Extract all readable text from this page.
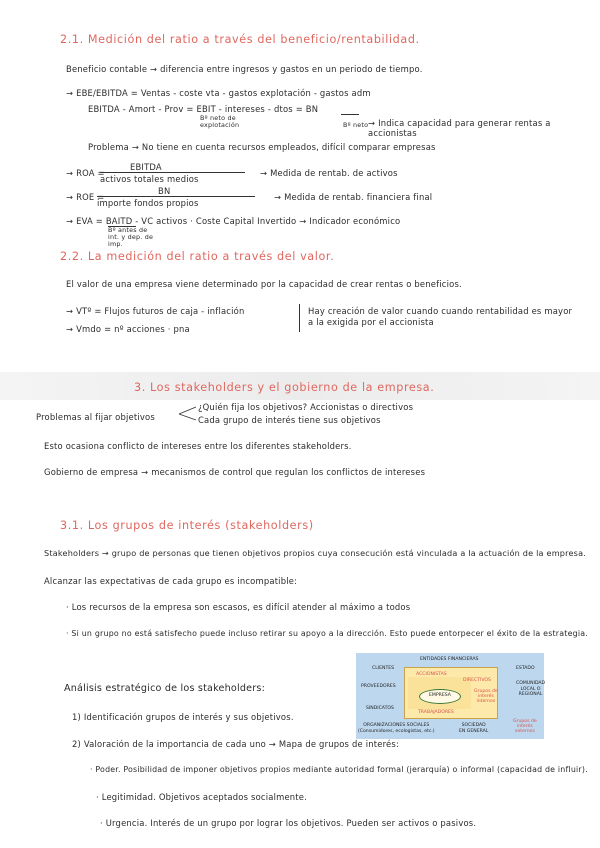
2.1. Medición del ratio a través del beneficio/rentabilidad.
Beneficio contable → diferencia entre ingresos y gastos en un periodo de tiempo.
→ EBE/EBITDA = Ventas - coste vta - gastos explotación - gastos adm
EBITDA - Amort - Prov = EBIT - intereses - dtos = BN
Bº neto de explotación	Bº neto → Indica capacidad para generar rentas a accionistas
Problema → No tiene en cuenta recursos empleados, difícil comparar empresas
→ ROA =
EBITDA
activos totales medios
→ Medida de rentab. de activos
→ ROE =
BN
importe fondos propios
→ Medida de rentab. financiera final
→ EVA = BAITD - VC activos · Coste Capital Invertido → Indicador económico
Bº antes de int. y dep. de imp.
2.2. La medición del ratio a través del valor.
El valor de una empresa viene determinado por la capacidad de crear rentas o beneficios.
→ VTº = Flujos futuros de caja - inflación
→ Vmdo = nº acciones · pna
Hay creación de valor cuando cuando rentabilidad es mayor a la exigida por el accionista
3. Los stakeholders y el gobierno de la empresa.
Problemas al fijar objetivos
¿Quién fija los objetivos? Accionistas o directivos
Cada grupo de interés tiene sus objetivos
Esto ocasiona conflicto de intereses entre los diferentes stakeholders.
Gobierno de empresa → mecanismos de control que regulan los conflictos de intereses
3.1. Los grupos de interés (stakeholders)
Stakeholders → grupo de personas que tienen objetivos propios cuya consecución está vinculada a la actuación de la empresa.
Alcanzar las expectativas de cada grupo es incompatible:
· Los recursos de la empresa son escasos, es difícil atender al máximo a todos
· Si un grupo no está satisfecho puede incluso retirar su apoyo a la dirección. Esto puede entorpecer el éxito de la estrategia.
Análisis estratégico de los stakeholders:
1) Identificación grupos de interés y sus objetivos.
2) Valoración de la importancia de cada uno → Mapa de grupos de interés:
· Poder. Posibilidad de imponer objetivos propios mediante autoridad formal (jerarquía) o informal (capacidad de influir).
· Legitimidad. Objetivos aceptados socialmente.
· Urgencia. Interés de un grupo por lograr los objetivos. Pueden ser activos o pasivos.
ENTIDADES FINANCIERAS
CLIENTES	ESTADO
ACCIONISTAS
DIRECTIVOS
PROVEEDORES
EMPRESA
COMUNIDAD
LOCAL O
REGIONAL
Grupos de
interés
internos
SINDICATOS
TRABAJADORES
Grupos de
interés
externos
ORGANIZACIONES SOCIALES
(Consumidores, ecologistas, etc.)
SOCIEDAD
EN GENERAL
